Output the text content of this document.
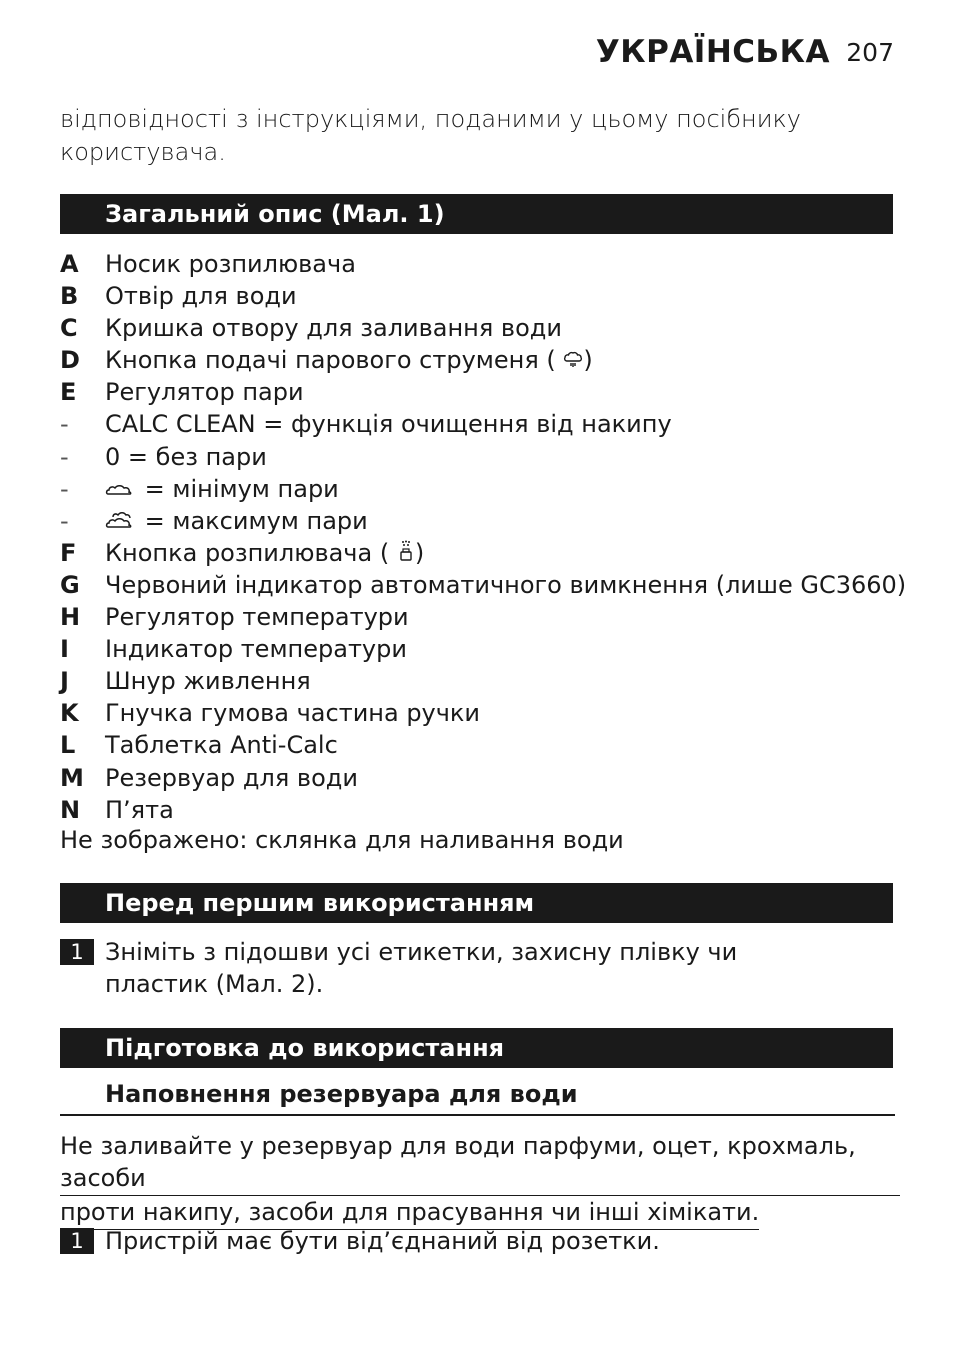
УКРАЇНСЬКА 207
відповідності з інструкціями, поданими у цьому посібнику користувача.
Загальний опис (Мал. 1)
A	Носик розпилювача
B	Отвір для води
C	Кришка отвору для заливання води
D	Кнопка подачі парового струменя ( )
E	Регулятор пари
-	CALC CLEAN = функція очищення від накипу
-	0 = без пари
-	= мінімум пари
-	= максимум пари
F	Кнопка розпилювача ( )
G	Червоний індикатор автоматичного вимкнення (лише GC3660)
H	Регулятор температури
I	Індикатор температури
J	Шнур живлення
K	Гнучка гумова частина ручки
L	Таблетка Anti-Calc
M Резервуар для води
N	П’ята
Не зображено: склянка для наливання води
Перед першим використанням
1 Зніміть з підошви усі етикетки, захисну плівку чи пластик (Мал. 2).
Підготовка до використання
Наповнення резервуара для води
Не заливайте у резервуар для води парфуми, оцет, крохмаль, засоби
проти накипу, засоби для прасування чи інші хімікати.
1 Пристрій має бути від’єднаний від розетки.
